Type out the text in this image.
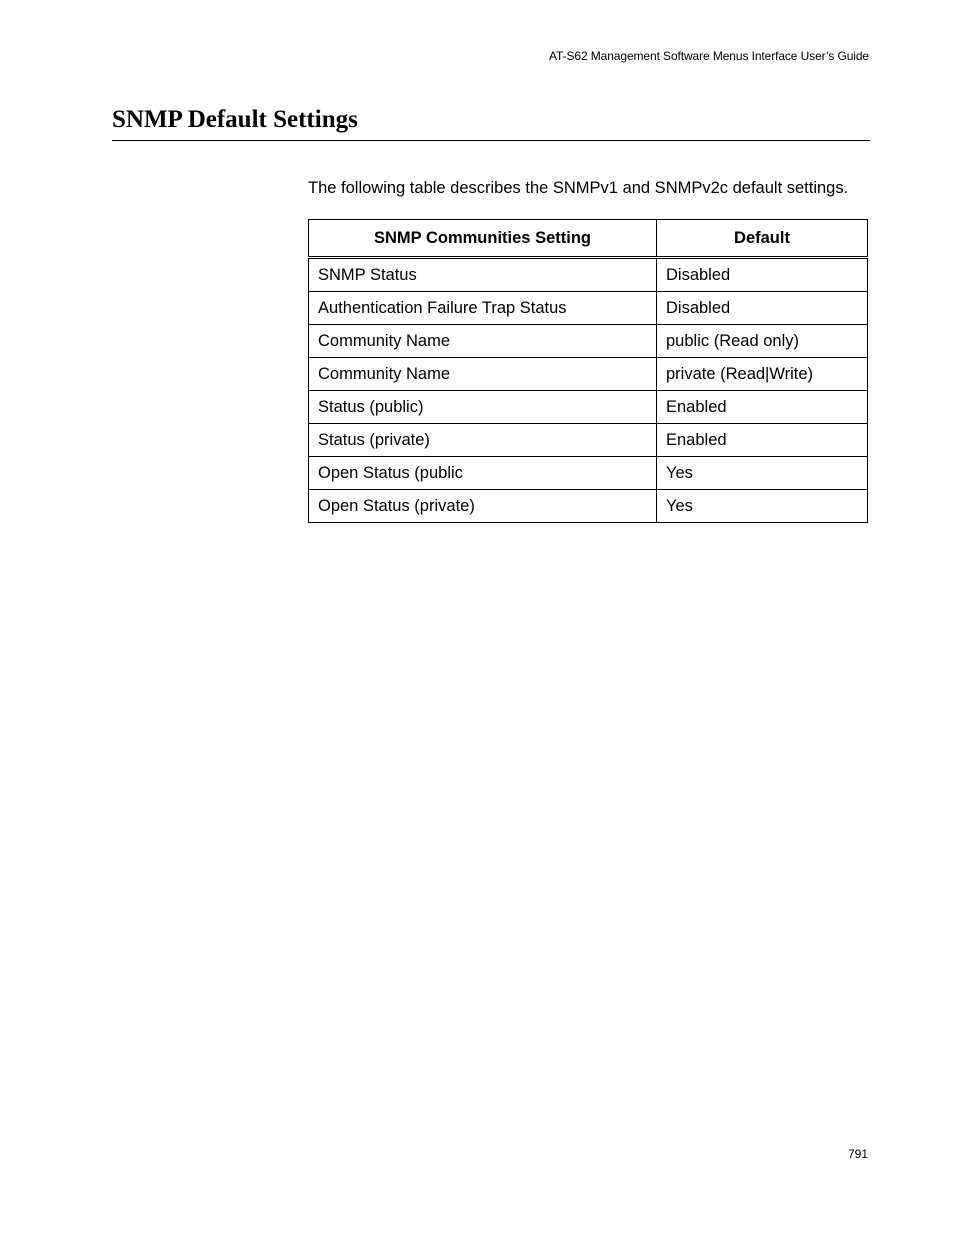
AT-S62 Management Software Menus Interface User’s Guide
SNMP Default Settings

The following table describes the SNMPv1 and SNMPv2c default settings.

SNMP Communities Setting	Default
SNMP Status	Disabled
Authentication Failure Trap Status	Disabled
Community Name	public (Read only)
Community Name	private (Read|Write)
Status (public)	Enabled
Status (private)	Enabled
Open Status (public	Yes
Open Status (private)	Yes
791
